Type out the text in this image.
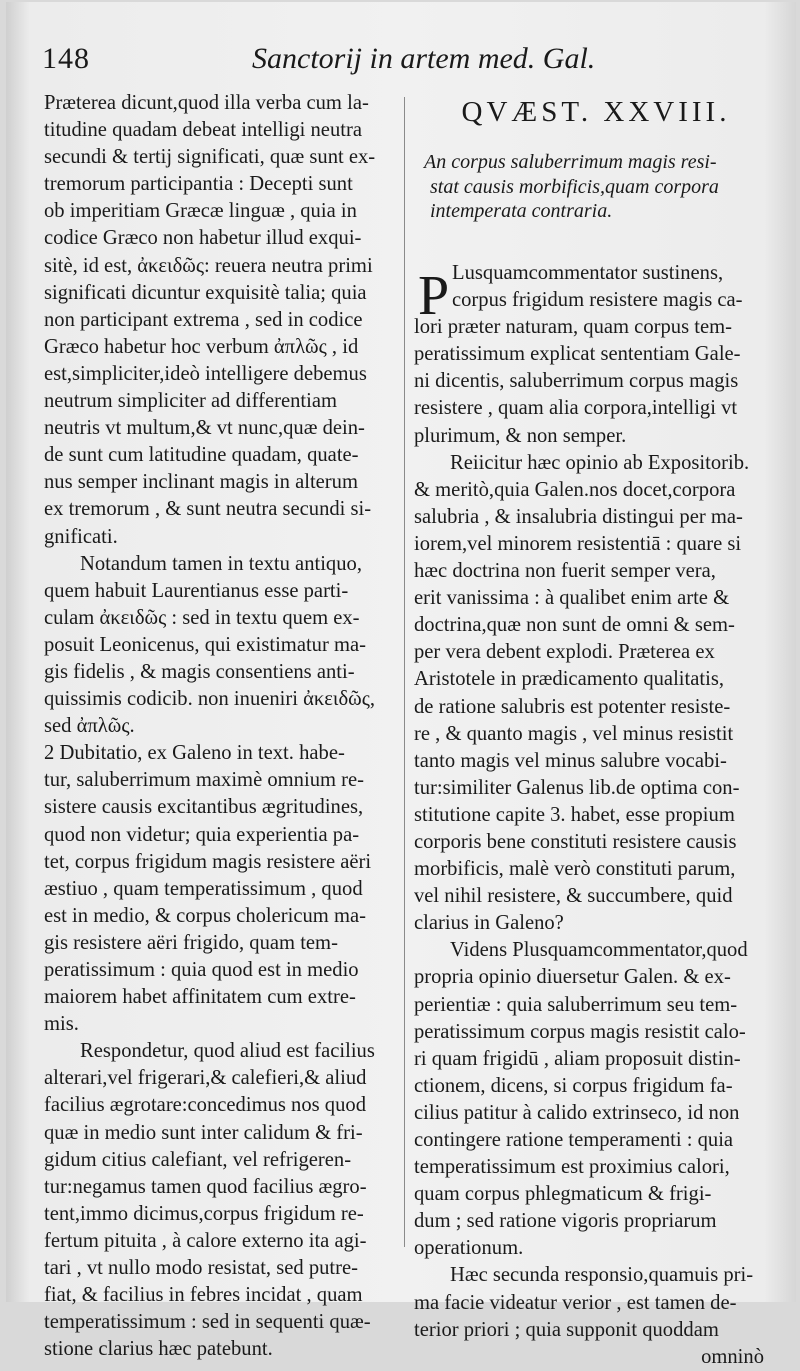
148	Sanctorij in artem med. Gal.
Præterea dicunt,quod illa verba cum la-
titudine quadam debeat intelligi neutra
secundi & tertij significati, quæ sunt ex-
tremorum participantia : Decepti sunt
ob imperitiam Græcæ linguæ , quia in
codice Græco non habetur illud exqui-
sitè, id est, ἀκειδῶς: reuera neutra primi
significati dicuntur exquisitè talia; quia
non participant extrema , sed in codice
Græco habetur hoc verbum ἀπλῶς , id
est,simpliciter,ideò intelligere debemus
neutrum simpliciter ad differentiam
neutris vt multum,& vt nunc,quæ dein-
de sunt cum latitudine quadam, quate-
nus semper inclinant magis in alterum
ex tremorum , & sunt neutra secundi si-
gnificati.
Notandum tamen in textu antiquo,
quem habuit Laurentianus esse parti-
culam ἀκειδῶς : sed in textu quem ex-
posuit Leonicenus, qui existimatur ma-
gis fidelis , & magis consentiens anti-
quissimis codicib. non inueniri ἀκειδῶς,
sed ἀπλῶς.
2 Dubitatio, ex Galeno in text. habe-
tur, saluberrimum maximè omnium re-
sistere causis excitantibus ægritudines,
quod non videtur; quia experientia pa-
tet, corpus frigidum magis resistere aëri
æstiuo , quam temperatissimum , quod
est in medio, & corpus cholericum ma-
gis resistere aëri frigido, quam tem-
peratissimum : quia quod est in medio
maiorem habet affinitatem cum extre-
mis.
Respondetur, quod aliud est facilius
alterari,vel frigerari,& calefieri,& aliud
facilius ægrotare:concedimus nos quod
quæ in medio sunt inter calidum & fri-
gidum citius calefiant, vel refrigeren-
tur:negamus tamen quod facilius ægro-
tent,immo dicimus,corpus frigidum re-
fertum pituita , à calore externo ita agi-
tari , vt nullo modo resistat, sed putre-
fiat, & facilius in febres incidat , quam
temperatissimum : sed in sequenti quæ-
stione clarius hæc patebunt.
QVÆST. XXVIII.
An corpus saluberrimum magis resi-
stat causis morbificis,quam corpora
intemperata contraria.
P Lusquamcommentator sustinens,
corpus frigidum resistere magis ca-
lori præter naturam, quam corpus tem-
peratissimum explicat sententiam Gale-
ni dicentis, saluberrimum corpus magis
resistere , quam alia corpora,intelligi vt
plurimum, & non semper.
Reiicitur hæc opinio ab Expositorib.
& meritò,quia Galen.nos docet,corpora
salubria , & insalubria distingui per ma-
iorem,vel minorem resistentiā : quare si
hæc doctrina non fuerit semper vera,
erit vanissima : à qualibet enim arte &
doctrina,quæ non sunt de omni & sem-
per vera debent explodi. Præterea ex
Aristotele in prædicamento qualitatis,
de ratione salubris est potenter resiste-
re , & quanto magis , vel minus resistit
tanto magis vel minus salubre vocabi-
tur:similiter Galenus lib.de optima con-
stitutione capite 3. habet, esse propium
corporis bene constituti resistere causis
morbificis, malè verò constituti parum,
vel nihil resistere, & succumbere, quid
clarius in Galeno?
Videns Plusquamcommentator,quod
propria opinio diuersetur Galen. & ex-
perientiæ : quia saluberrimum seu tem-
peratissimum corpus magis resistit calo-
ri quam frigidū , aliam proposuit distin-
ctionem, dicens, si corpus frigidum fa-
cilius patitur à calido extrinseco, id non
contingere ratione temperamenti : quia
temperatissimum est proximius calori,
quam corpus phlegmaticum & frigi-
dum ; sed ratione vigoris propriarum
operationum.
Hæc secunda responsio,quamuis pri-
ma facie videatur verior , est tamen de-
terior priori ; quia supponit quoddam
omninò
